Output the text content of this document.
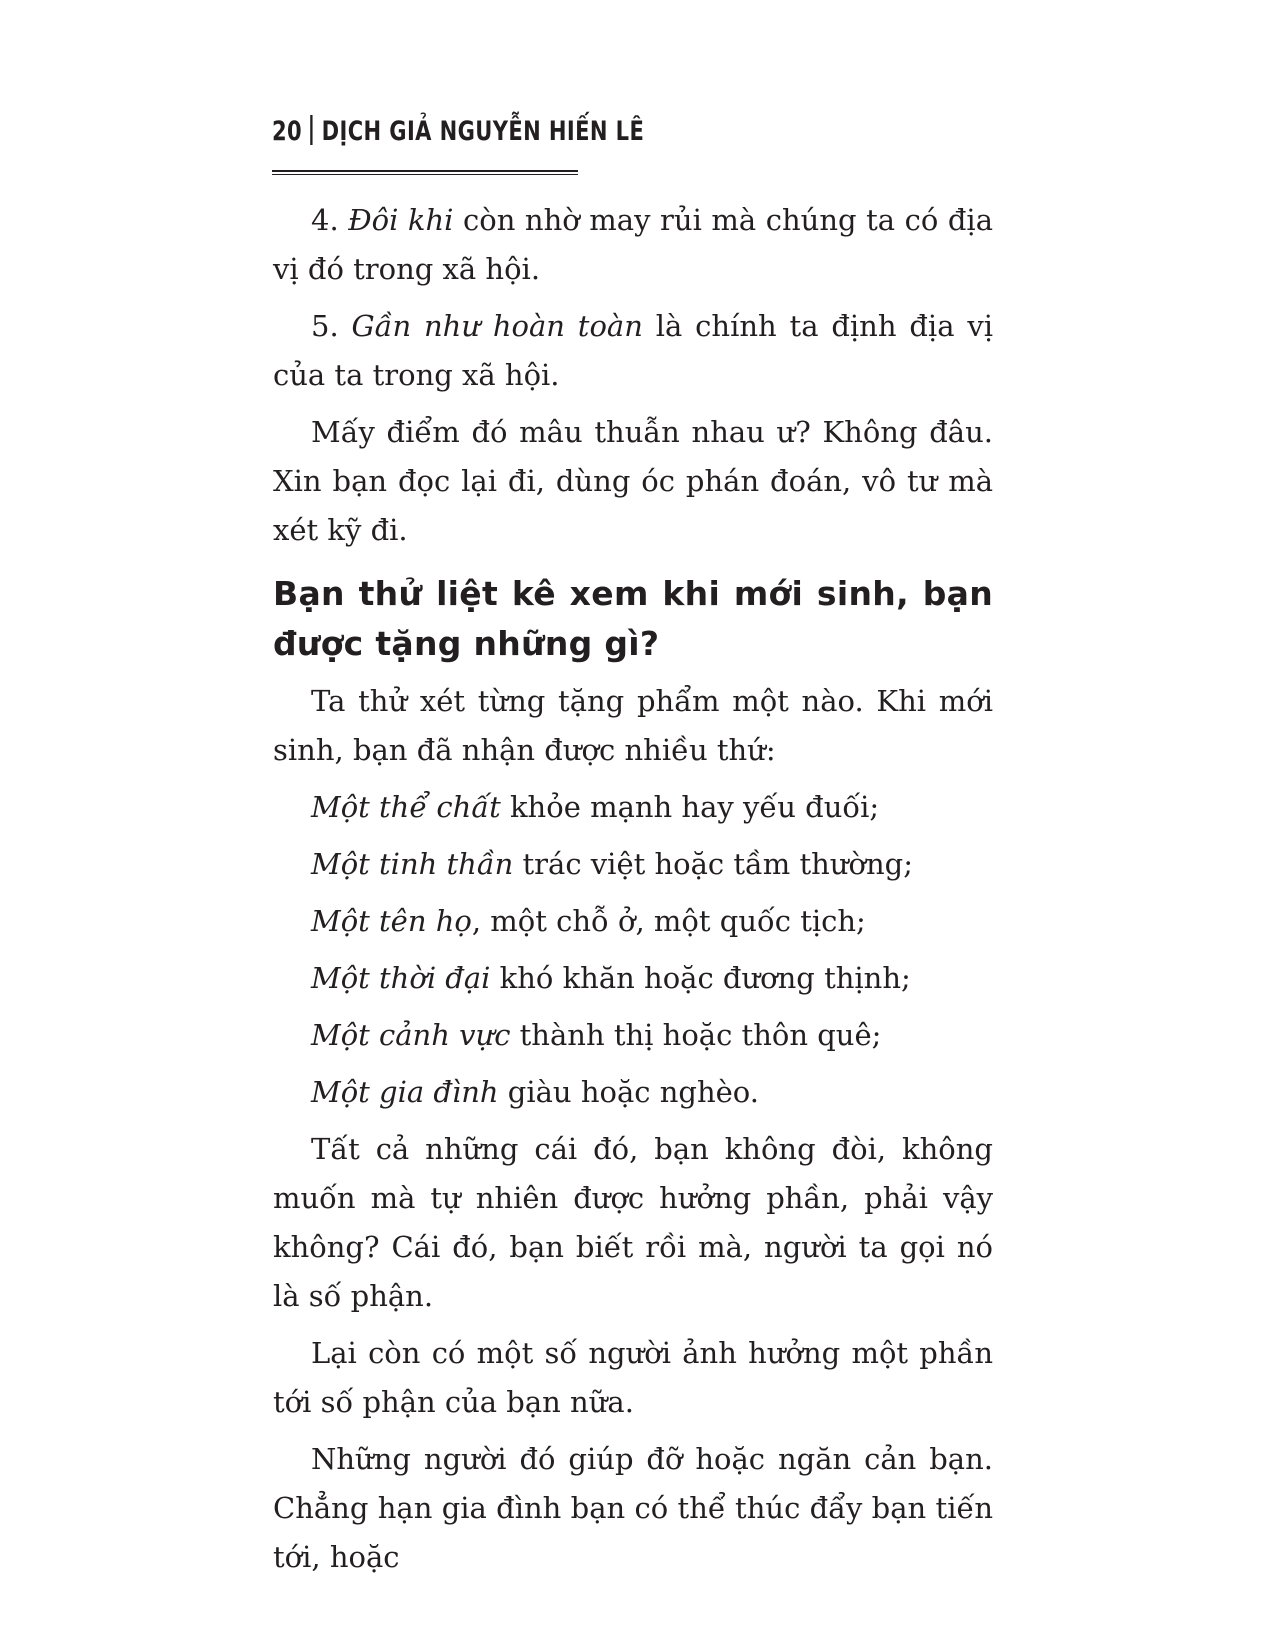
20 DỊCH GIẢ NGUYỄN HIẾN LÊ

4. Đôi khi còn nhờ may rủi mà chúng ta có địa vị đó trong xã hội.

5. Gần như hoàn toàn là chính ta định địa vị của ta trong xã hội.

Mấy điểm đó mâu thuẫn nhau ư? Không đâu. Xin bạn đọc lại đi, dùng óc phán đoán, vô tư mà xét kỹ đi.

Bạn thử liệt kê xem khi mới sinh, bạn được tặng những gì?

Ta thử xét từng tặng phẩm một nào. Khi mới sinh, bạn đã nhận được nhiều thứ:

Một thể chất khỏe mạnh hay yếu đuối;

Một tinh thần trác việt hoặc tầm thường;

Một tên họ, một chỗ ở, một quốc tịch;

Một thời đại khó khăn hoặc đương thịnh;

Một cảnh vực thành thị hoặc thôn quê;

Một gia đình giàu hoặc nghèo.

Tất cả những cái đó, bạn không đòi, không muốn mà tự nhiên được hưởng phần, phải vậy không? Cái đó, bạn biết rồi mà, người ta gọi nó là số phận.

Lại còn có một số người ảnh hưởng một phần tới số phận của bạn nữa.

Những người đó giúp đỡ hoặc ngăn cản bạn. Chẳng hạn gia đình bạn có thể thúc đẩy bạn tiến tới, hoặc
